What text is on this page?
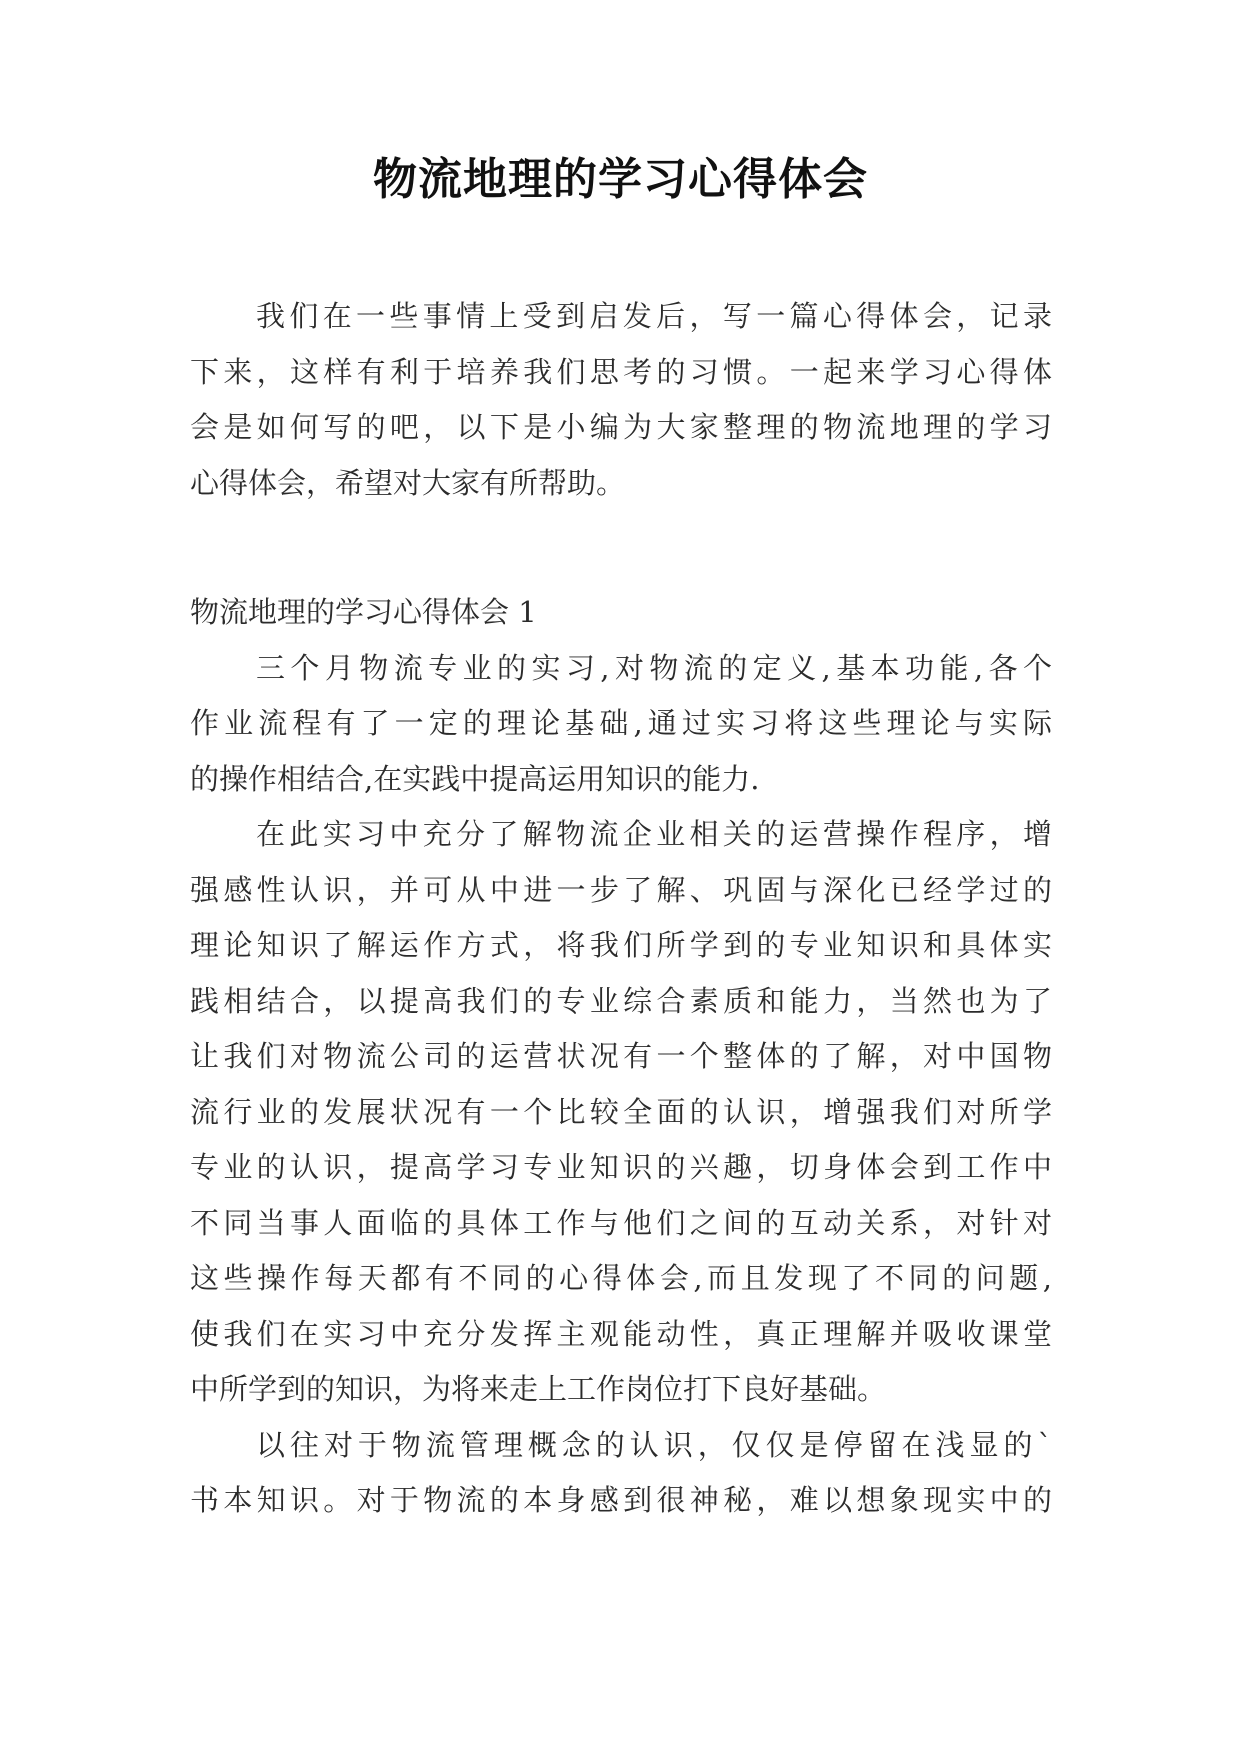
物流地理的学习心得体会
我们在一些事情上受到启发后，写一篇心得体会，记录
下来，这样有利于培养我们思考的习惯。一起来学习心得体
会是如何写的吧，以下是小编为大家整理的物流地理的学习
心得体会，希望对大家有所帮助。
物流地理的学习心得体会 1
三个月物流专业的实习,对物流的定义,基本功能,各个
作业流程有了一定的理论基础,通过实习将这些理论与实际
的操作相结合,在实践中提高运用知识的能力.
在此实习中充分了解物流企业相关的运营操作程序，增
强感性认识，并可从中进一步了解、巩固与深化已经学过的
理论知识了解运作方式，将我们所学到的专业知识和具体实
践相结合，以提高我们的专业综合素质和能力，当然也为了
让我们对物流公司的运营状况有一个整体的了解，对中国物
流行业的发展状况有一个比较全面的认识，增强我们对所学
专业的认识，提高学习专业知识的兴趣，切身体会到工作中
不同当事人面临的具体工作与他们之间的互动关系，对针对
这些操作每天都有不同的心得体会,而且发现了不同的问题,
使我们在实习中充分发挥主观能动性，真正理解并吸收课堂
中所学到的知识，为将来走上工作岗位打下良好基础。
以往对于物流管理概念的认识，仅仅是停留在浅显的`
书本知识。对于物流的本身感到很神秘，难以想象现实中的
